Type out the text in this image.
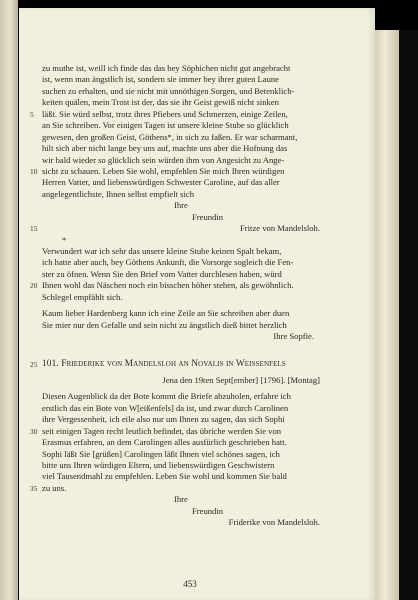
zu muthe ist, weill ich finde das das bey Söphichen nicht gut angebracht
ist, wenn man ängstlich ist, sondern sie immer bey ihrer guten Laune
suchen zu erhalten, und sie nicht mit unnöthigen Sorgen, und Betenklich-
keiten quälen, mein Trost ist der, das sie ihr Geist gewiß nicht sinken
5 läßt. Sie würd selbst, trotz ihres Pfiebers und Schmerzen, einige Zeilen,
an Sie schreiben. Vor einigen Tagen ist unsere kleine Stube so glücklich
gewesen, den großen Geist, Göthens*, in sich zu faßen. Er war scharmant,
hilt sich aber nicht lange bey uns auf, machte uns aber die Hofnung das
wir bald wieder so glücklich sein würden ihm von Angesicht zu Ange-
10 sicht zu schauen. Leben Sie wohl, empfehlen Sie mich Ihren würdigen
Herren Vatter, und liebenswürdigen Schwester Caroline, auf das aller
angelegentlichste, Ihnen selbst empfielt sich
Ihre
Freundin
15	Fritze von Mandelsloh.
*
Verwundert war ich sehr das unsere kleine Stube keinen Spalt bekam,
ich hatte aber auch, bey Göthens Ankunft, die Vorsorge sogleich die Fen-
ster zu öfnen. Wenn Sie den Brief vom Vatter durchlesen haben, würd
20 Ihnen wohl das Näschen noch ein bisschen höher stehen, als gewöhnlich.
Schlegel empfählt sich.
Kaum lieber Hardenberg kann ich eine Zeile an Sie schreiben aber duen
Sie mier nur den Gefalle und sein nicht zu ängstlich dieß bittet herzlich
Ihre Sopfie.
25 101. Friederike von Mandelsloh an Novalis in Weissenfels
Jena den 19ten Sept[ember] [1796]. [Montag]
Diesen Augenblick da der Bote kommt die Briefe abzuholen, erfahre ich
erstlich das ein Bote von W[eißenfels] da ist, und zwar durch Carolinen
ihre Vergessenheit, ich eile also nur um Ihnen zu sagen, das sich Sophi
30 seit einigen Tagen recht leutlich befindet, das übriche werden Sie von
Erasmus erfahren, an dem Carolingen alles ausfürlich geschrieben hatt.
Sophi läßt Sie [grüßen] Carolingen läßt Ihnen viel schönes sagen, ich
bitte uns Ihren würdigen Eltern, und liebenswürdigen Geschwistern
viel Tausendmahl zu empfehlen. Leben Sie wohl und kommen Sie bald
35 zu uns.
Ihre
Freundin
Friderike von Mandelsloh.
453
